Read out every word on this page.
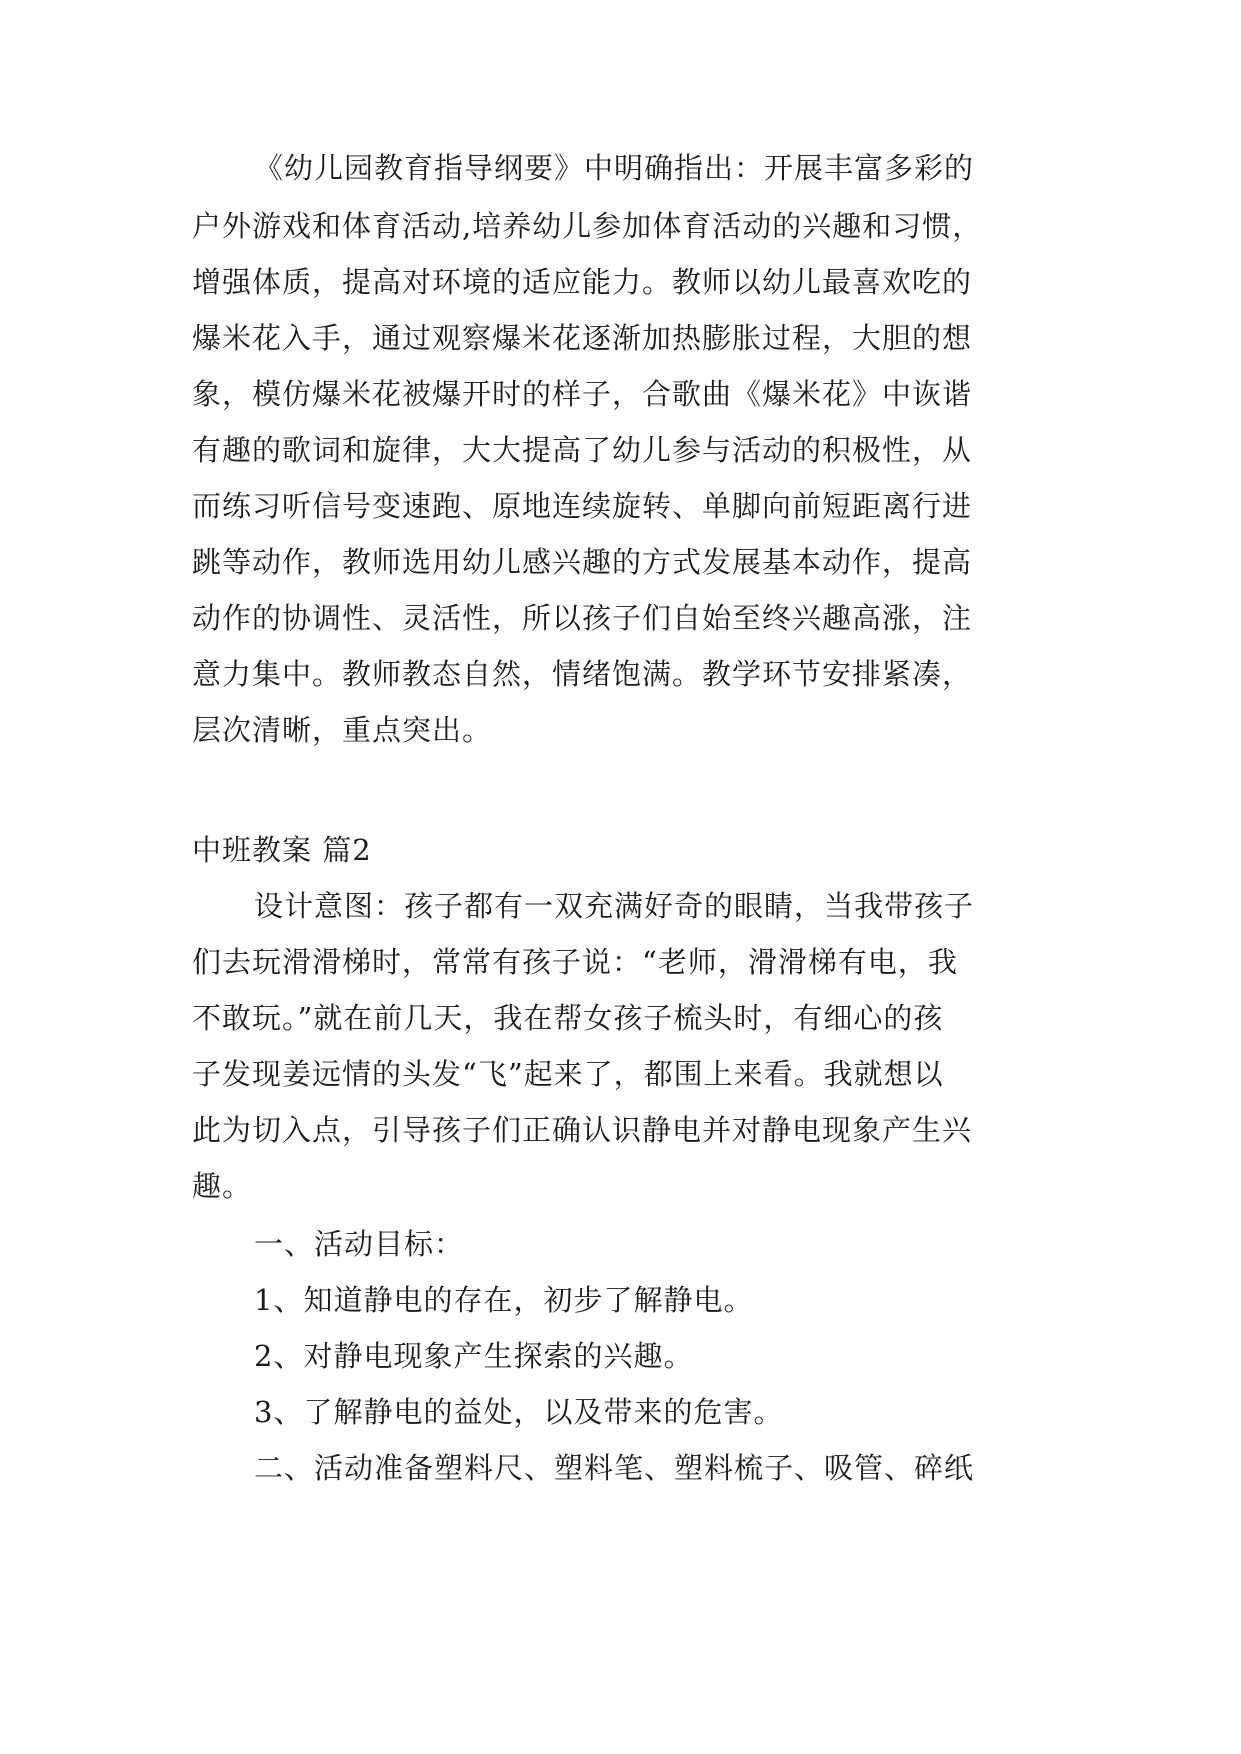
《幼儿园教育指导纲要》中明确指出：开展丰富多彩的
户外游戏和体育活动,培养幼儿参加体育活动的兴趣和习惯，
增强体质，提高对环境的适应能力。教师以幼儿最喜欢吃的
爆米花入手，通过观察爆米花逐渐加热膨胀过程，大胆的想
象，模仿爆米花被爆开时的样子，合歌曲《爆米花》中诙谐
有趣的歌词和旋律，大大提高了幼儿参与活动的积极性，从
而练习听信号变速跑、原地连续旋转、单脚向前短距离行进
跳等动作，教师选用幼儿感兴趣的方式发展基本动作，提高
动作的协调性、灵活性，所以孩子们自始至终兴趣高涨，注
意力集中。教师教态自然，情绪饱满。教学环节安排紧凑，
层次清晰，重点突出。
中班教案 篇2
设计意图：孩子都有一双充满好奇的眼睛，当我带孩子
们去玩滑滑梯时，常常有孩子说：“老师，滑滑梯有电，我
不敢玩。”就在前几天，我在帮女孩子梳头时，有细心的孩
子发现姜远情的头发“飞”起来了，都围上来看。我就想以
此为切入点，引导孩子们正确认识静电并对静电现象产生兴
趣。
一、活动目标：
1、知道静电的存在，初步了解静电。
2、对静电现象产生探索的兴趣。
3、了解静电的益处，以及带来的危害。
二、活动准备塑料尺、塑料笔、塑料梳子、吸管、碎纸
